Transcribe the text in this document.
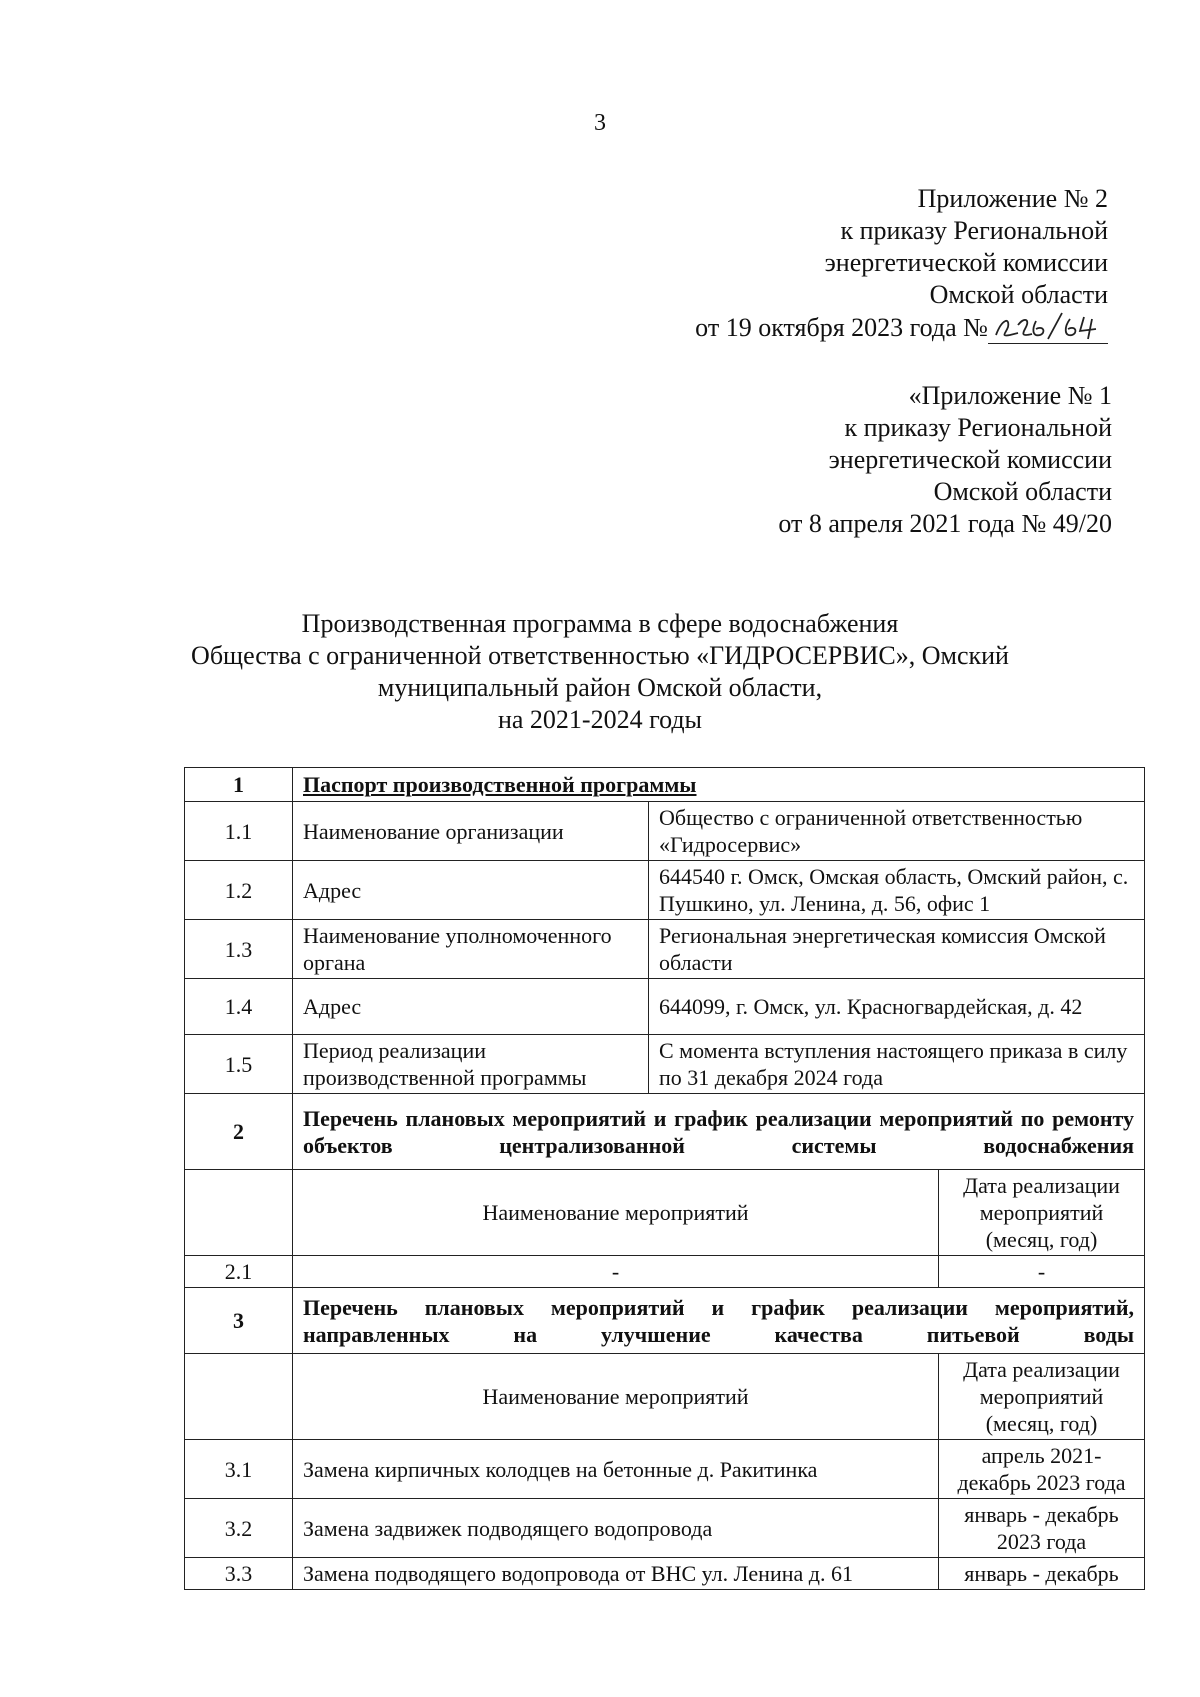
3
Приложение № 2
к приказу Региональной
энергетической комиссии
Омской области
от 19 октября 2023 года №
«Приложение № 1
к приказу Региональной
энергетической комиссии
Омской области
от 8 апреля 2021 года № 49/20
Производственная программа в сфере водоснабжения
Общества с ограниченной ответственностью «ГИДРОСЕРВИС», Омский
муниципальный район Омской области,
на 2021-2024 годы
1	Паспорт производственной программы		
1.1	Наименование организации	Общество с ограниченной ответственностью «Гидросервис»	
1.2	Адрес	644540 г. Омск, Омская область, Омский район, с. Пушкино, ул. Ленина, д. 56, офис 1	
1.3	Наименование уполномоченного органа	Региональная энергетическая комиссия Омской области	
1.4	Адрес	644099, г. Омск, ул. Красногвардейская, д. 42	
1.5	Период реализации производственной программы	С момента вступления настоящего приказа в силу по 31 декабря 2024 года	
2	Перечень плановых мероприятий и график реализации мероприятий по ремонту объектов централизованной системы водоснабжения		
	Наименование мероприятий		Дата реализации мероприятий (месяц, год)
2.1	-		-
3	Перечень плановых мероприятий и график реализации мероприятий, направленных на улучшение качества питьевой воды		
	Наименование мероприятий		Дата реализации мероприятий (месяц, год)
3.1	Замена кирпичных колодцев на бетонные д. Ракитинка		апрель 2021-декабрь 2023 года
3.2	Замена задвижек подводящего водопровода		январь - декабрь 2023 года
3.3	Замена подводящего водопровода от ВНС ул. Ленина д. 61		январь - декабрь
